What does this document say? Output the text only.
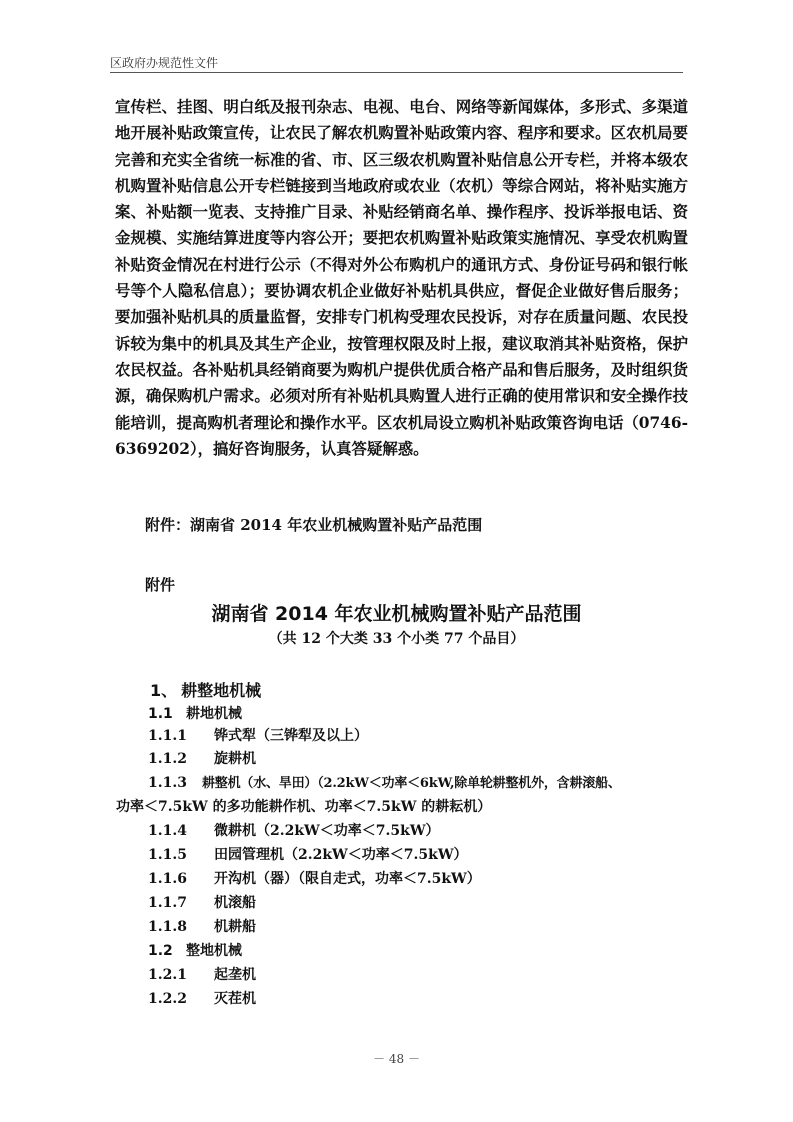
区政府办规范性文件

宣传栏、挂图、明白纸及报刊杂志、电视、电台、网络等新闻媒体，多形式、多渠道地开展补贴政策宣传，让农民了解农机购置补贴政策内容、程序和要求。区农机局要完善和充实全省统一标准的省、市、区三级农机购置补贴信息公开专栏，并将本级农机购置补贴信息公开专栏链接到当地政府或农业（农机）等综合网站，将补贴实施方案、补贴额一览表、支持推广目录、补贴经销商名单、操作程序、投诉举报电话、资金规模、实施结算进度等内容公开；要把农机购置补贴政策实施情况、享受农机购置补贴资金情况在村进行公示（不得对外公布购机户的通讯方式、身份证号码和银行帐号等个人隐私信息）；要协调农机企业做好补贴机具供应，督促企业做好售后服务；要加强补贴机具的质量监督，安排专门机构受理农民投诉，对存在质量问题、农民投诉较为集中的机具及其生产企业，按管理权限及时上报，建议取消其补贴资格，保护农民权益。各补贴机具经销商要为购机户提供优质合格产品和售后服务，及时组织货源，确保购机户需求。必须对所有补贴机具购置人进行正确的使用常识和安全操作技能培训，提高购机者理论和操作水平。区农机局设立购机补贴政策咨询电话（0746-6369202），搞好咨询服务，认真答疑解惑。

附件：湖南省 2014 年农业机械购置补贴产品范围
附件
湖南省 2014 年农业机械购置补贴产品范围
（共 12 个大类 33 个小类 77 个品目）
1、 耕整地机械
1.1 耕地机械
1.1.1 铧式犁（三铧犁及以上）
1.1.2 旋耕机
1.1.3 耕整机（水、旱田）（2.2kW＜功率＜6kW,除单轮耕整机外，含耕滚船、
功率＜7.5kW 的多功能耕作机、功率＜7.5kW 的耕耘机）
1.1.4 微耕机（2.2kW＜功率＜7.5kW）
1.1.5 田园管理机（2.2kW＜功率＜7.5kW）
1.1.6 开沟机（器）（限自走式，功率＜7.5kW）
1.1.7 机滚船
1.1.8 机耕船
1.2 整地机械
1.2.1 起垄机
1.2.2 灭茬机
－ 48 －
